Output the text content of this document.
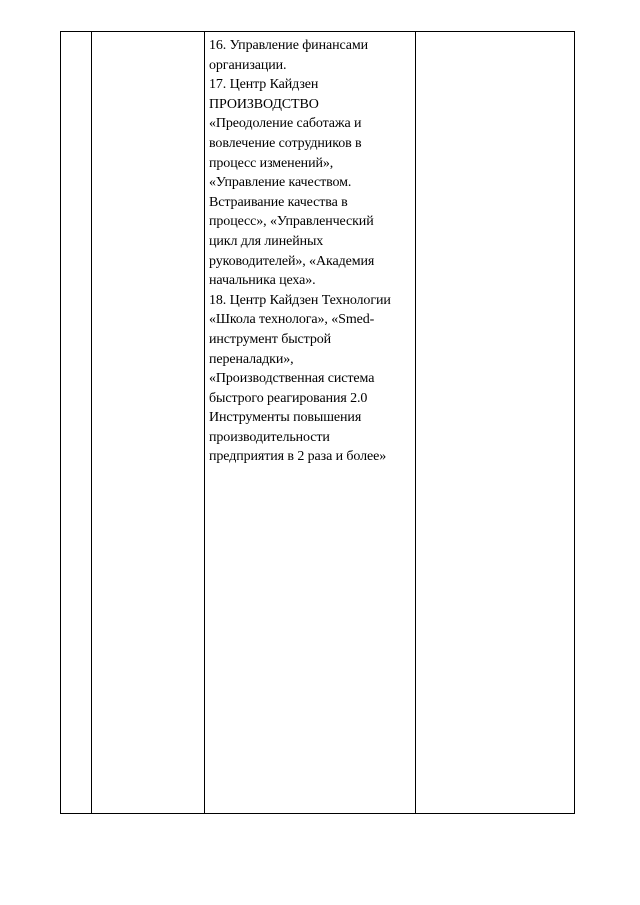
16. Управление финансами

организации.

17. Центр Кайдзен

ПРОИЗВОДСТВО

«Преодоление саботажа и

вовлечение сотрудников в

процесс изменений»,

«Управление качеством.

Встраивание качества в

процесс», «Управленческий

цикл для линейных

руководителей», «Академия

начальника цеха».

18. Центр Кайдзен Технологии

«Школа технолога», «Smed-

инструмент быстрой

переналадки»,

«Производственная система

быстрого реагирования 2.0

Инструменты повышения

производительности

предприятия в 2 раза и более»
